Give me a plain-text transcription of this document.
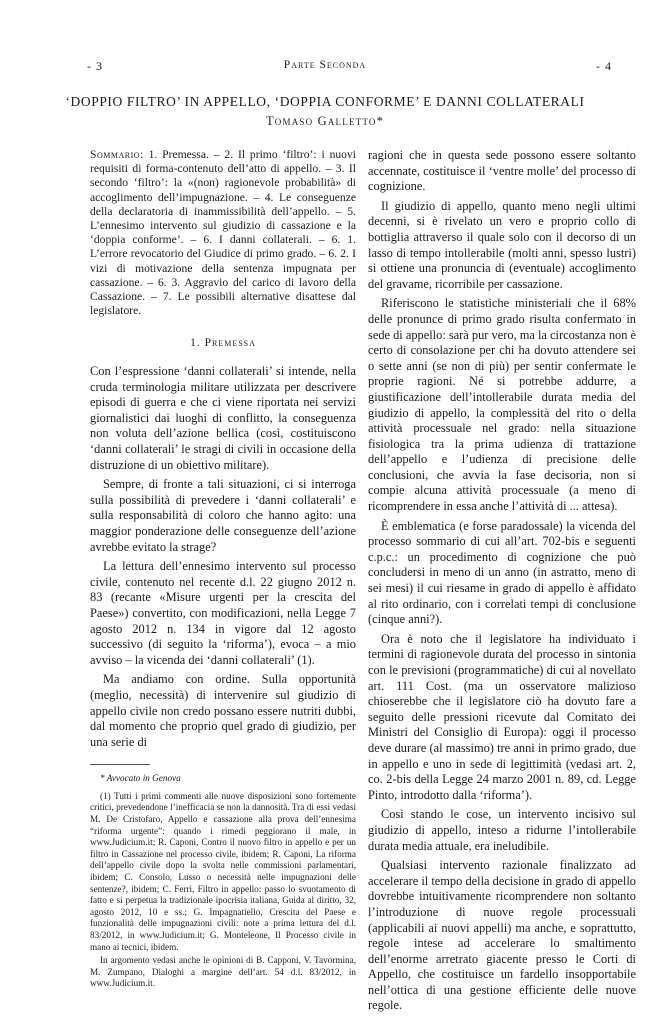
- 3	Parte Seconda	- 4
‘DOPPIO FILTRO’ IN APPELLO, ‘DOPPIA CONFORME’ E DANNI COLLATERALI
Tomaso Galletto*
Sommario: 1. Premessa. – 2. Il primo ‘filtro’: i nuovi requisiti di forma-contenuto dell’atto di appello. – 3. Il secondo ‘filtro’: la «(non) ragionevole probabilità» di accoglimento dell’impugnazione. – 4. Le conseguenze della declaratoria di inammissibilità dell’appello. – 5. L’ennesimo intervento sul giudizio di cassazione e la ‘doppia conforme’. – 6. I danni collaterali. – 6. 1. L’errore revocatorio del Giudice di primo grado. – 6. 2. I vizi di motivazione della sentenza impugnata per cassazione. – 6. 3. Aggravio del carico di lavoro della Cassazione. – 7. Le possibili alternative disattese dal legislatore.
1. Premessa

Con l’espressione ‘danni collaterali’ si intende, nella cruda terminologia militare utilizzata per descrivere episodi di guerra e che ci viene riportata nei servizi giornalistici dai luoghi di conflitto, la conseguenza non voluta dell’azione bellica (così, costituiscono ‘danni collaterali’ le stragi di civili in occasione della distruzione di un obiettivo militare).

Sempre, di fronte a tali situazioni, ci si interroga sulla possibilità di prevedere i ‘danni collaterali’ e sulla responsabilità di coloro che hanno agito: una maggior ponderazione delle conseguenze dell’azione avrebbe evitato la strage?

La lettura dell’ennesimo intervento sul processo civile, contenuto nel recente d.l. 22 giugno 2012 n. 83 (recante «Misure urgenti per la crescita del Paese») convertito, con modificazioni, nella Legge 7 agosto 2012 n. 134 in vigore dal 12 agosto successivo (di seguito la ‘riforma’), evoca – a mio avviso – la vicenda dei ‘danni collaterali’ (1).

Ma andiamo con ordine. Sulla opportunità (meglio, necessità) di intervenire sul giudizio di appello civile non credo possano essere nutriti dubbi, dal momento che proprio quel grado di giudizio, per una serie di

* Avvocato in Genova

(1) Tutti i primi commenti alle nuove disposizioni sono fortemente critici, prevedendone l’inefficacia se non la dannosità. Tra di essi vedasi M. De Cristofaro, Appello e cassazione alla prova dell’ennesima “riforma urgente”: quando i rimedi peggiorano il male, in www.Judicium.it; R. Caponi, Contro il nuovo filtro in appello e per un filtro in Cassazione nel processo civile, ibidem; R. Caponi, La riforma dell’appello civile dopo la svolta nelle commissioni parlamentari, ibidem; C. Consolo, Lusso o necessità nelle impugnazioni delle sentenze?, ibidem; C. Ferri, Filtro in appello: passo lo svuotamento di fatto e si perpetua la tradizionale ipocrisia italiana, Guida al diritto, 32, agosto 2012, 10 e ss.; G. Impagnatiello, Crescita del Paese e funzionalità delle impugnazioni civili: note a prima lettura del d.l. 83/2012, in www.Judicium.it; G. Monteleone, Il Processo civile in mano ai tecnici, ibidem.

In argomento vedasi anche le opinioni di B. Capponi, V. Tavormina, M. Zumpano, Dialoghi a margine dell’art. 54 d.l. 83/2012, in www.Judicium.it.

ragioni che in questa sede possono essere soltanto accennate, costituisce il ‘ventre molle’ del processo di cognizione.

Il giudizio di appello, quanto meno negli ultimi decenni, si è rivelato un vero e proprio collo di bottiglia attraverso il quale solo con il decorso di un lasso di tempo intollerabile (molti anni, spesso lustri) si ottiene una pronuncia di (eventuale) accoglimento del gravame, ricorribile per cassazione.

Riferiscono le statistiche ministeriali che il 68% delle pronunce di primo grado risulta confermato in sede di appello: sarà pur vero, ma la circostanza non è certo di consolazione per chi ha dovuto attendere sei o sette anni (se non di più) per sentir confermate le proprie ragioni. Né si potrebbe addurre, a giustificazione dell’intollerabile durata media del giudizio di appello, la complessità del rito o della attività processuale nel grado: nella situazione fisiologica tra la prima udienza di trattazione dell’appello e l’udienza di precisione delle conclusioni, che avvia la fase decisoria, non si compie alcuna attività processuale (a meno di ricomprendere in essa anche l’attività di ... attesa).

È emblematica (e forse paradossale) la vicenda del processo sommario di cui all’art. 702-bis e seguenti c.p.c.: un procedimento di cognizione che può concludersi in meno di un anno (in astratto, meno di sei mesi) il cui riesame in grado di appello è affidato al rito ordinario, con i correlati tempi di conclusione (cinque anni?).

Ora è noto che il legislatore ha individuato i termini di ragionevole durata del processo in sintonia con le previsioni (programmatiche) di cui al novellato art. 111 Cost. (ma un osservatore malizioso chioserebbe che il legislatore ciò ha dovuto fare a seguito delle pressioni ricevute dal Comitato dei Ministri del Consiglio di Europa): oggi il processo deve durare (al massimo) tre anni in primo grado, due in appello e uno in sede di legittimità (vedasi art. 2, co. 2-bis della Legge 24 marzo 2001 n. 89, cd. Legge Pinto, introdotto dalla ‘riforma’).

Così stando le cose, un intervento incisivo sul giudizio di appello, inteso a ridurne l’intollerabile durata media attuale, era ineludibile.

Qualsiasi intervento razionale finalizzato ad accelerare il tempo della decisione in grado di appello dovrebbe intuitivamente ricomprendere non soltanto l’introduzione di nuove regole processuali (applicabili ai nuovi appelli) ma anche, e soprattutto, regole intese ad accelerare lo smaltimento dell’enorme arretrato giacente presso le Corti di Appello, che costituisce un fardello insopportabile nell’ottica di una gestione efficiente delle nuove regole.
